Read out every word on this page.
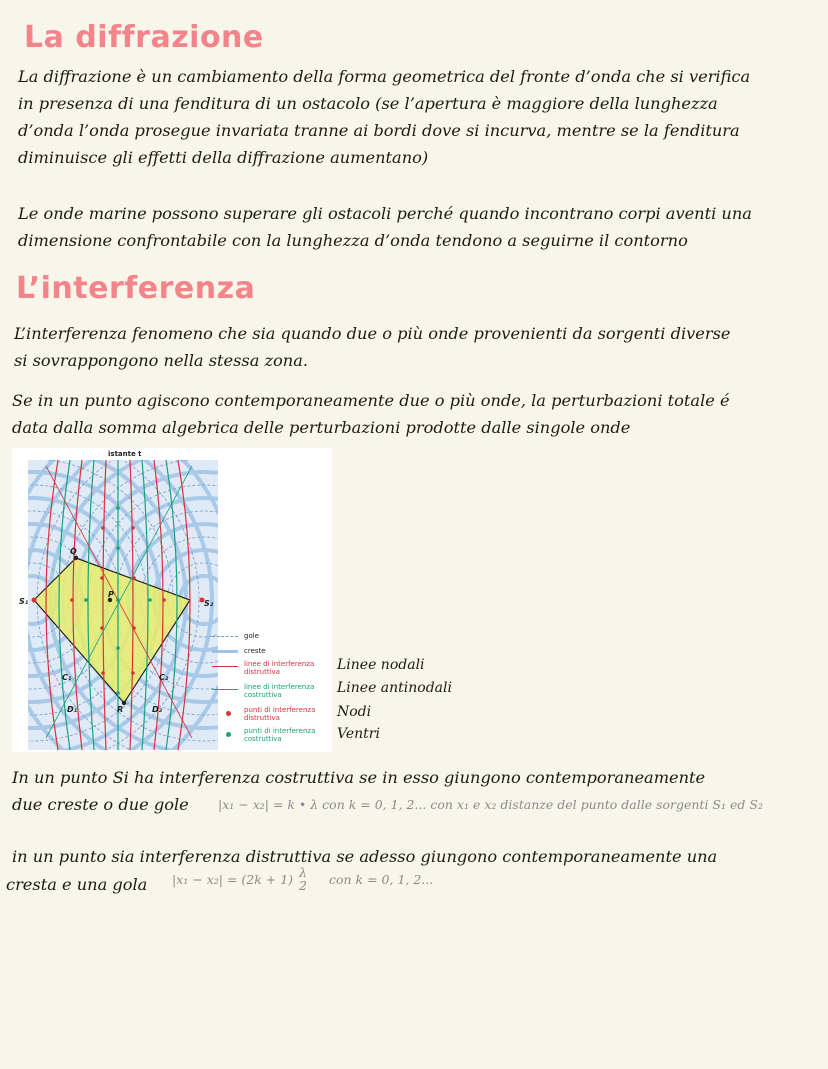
La diffrazione
La diffrazione è un cambiamento della forma geometrica del fronte d’onda che si verifica
in presenza di una fenditura di un ostacolo (se l’apertura è maggiore della lunghezza
d’onda l’onda prosegue invariata tranne ai bordi dove si incurva, mentre se la fenditura
diminuisce gli effetti della diffrazione aumentano)
Le onde marine possono superare gli ostacoli perché quando incontrano corpi aventi una
dimensione confrontabile con la lunghezza d’onda tendono a seguirne il contorno
L’interferenza
L’interferenza fenomeno che sia quando due o più onde provenienti da sorgenti diverse
si sovrappongono nella stessa zona.
Se in un punto agiscono contemporaneamente due o più onde, la perturbazioni totale é
data dalla somma algebrica delle perturbazioni prodotte dalle singole onde
istante t
S₁	S₂
Q
P
R
C₁	C₂
D₁	D₂
gole
creste
linee di interferenza
distruttiva
linee di interferenza
costruttiva
punti di interferenza
distruttiva
punti di interferenza
costruttiva
Linee nodali
Linee antinodali
Nodi
Ventri
In un punto Si ha interferenza costruttiva se in esso giungono contemporaneamente
due creste o due gole |x₁ − x₂| = k • λ con k = 0, 1, 2... con x₁ e x₂ distanze del punto dalle sorgenti S₁ ed S₂
in un punto sia interferenza distruttiva se adesso giungono contemporaneamente una
cresta e una gola |x₁ − x₂| = (2k + 1) λ
2 con k = 0, 1, 2...
